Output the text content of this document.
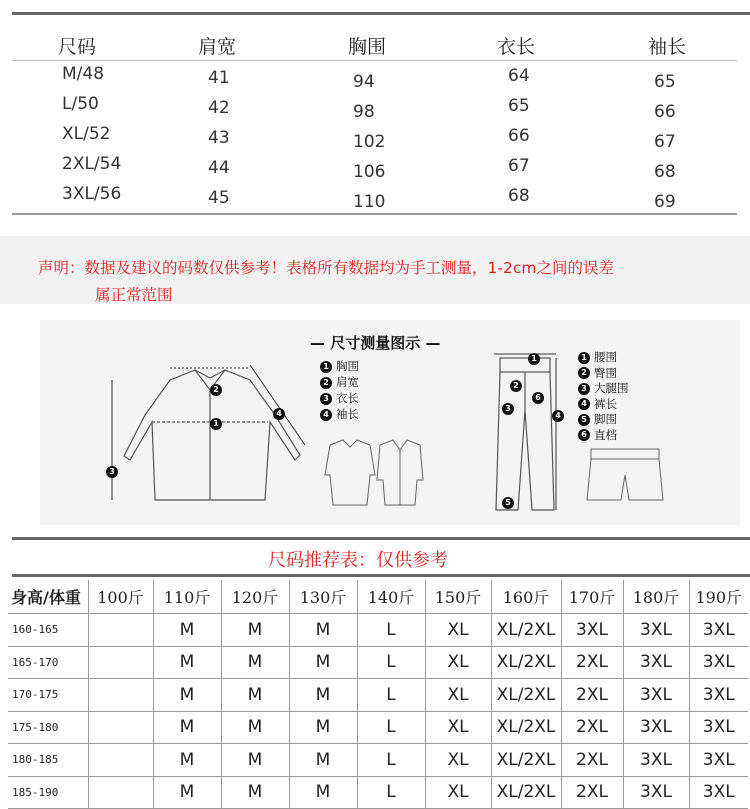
尺码	肩宽	胸围	衣长	袖长
M/48	41	94	64	65
L/50	42	98	65	66
XL/52	43	102	66	67
2XL/54	44	106	67	68
3XL/56	45	110	68	69
声明：数据及建议的码数仅供参考！表格所有数据均为手工测量，1-2cm之间的误差
属正常范围
— 尺寸测量图示 —
1
2
3
4
1 胸围
2 肩宽
3 衣长
4 袖长
1
2
3
4
5
6
1 腰围
2 臀围
3 大腿围
4 裤长
5 脚围
6 直档
尺码推荐表：仅供参考
身高/体重	100斤	110斤	120斤	130斤	140斤	150斤	160斤	170斤	180斤	190斤
160-165		M	M	M	L	XL	XL/2XL	3XL	3XL	3XL
165-170		M	M	M	L	XL	XL/2XL	2XL	3XL	3XL
170-175		M	M	M	L	XL	XL/2XL	2XL	3XL	3XL
175-180		M	M	M	L	XL	XL/2XL	2XL	3XL	3XL
180-185		M	M	M	L	XL	XL/2XL	2XL	3XL	3XL
185-190		M	M	M	L	XL	XL/2XL	2XL	3XL	3XL
